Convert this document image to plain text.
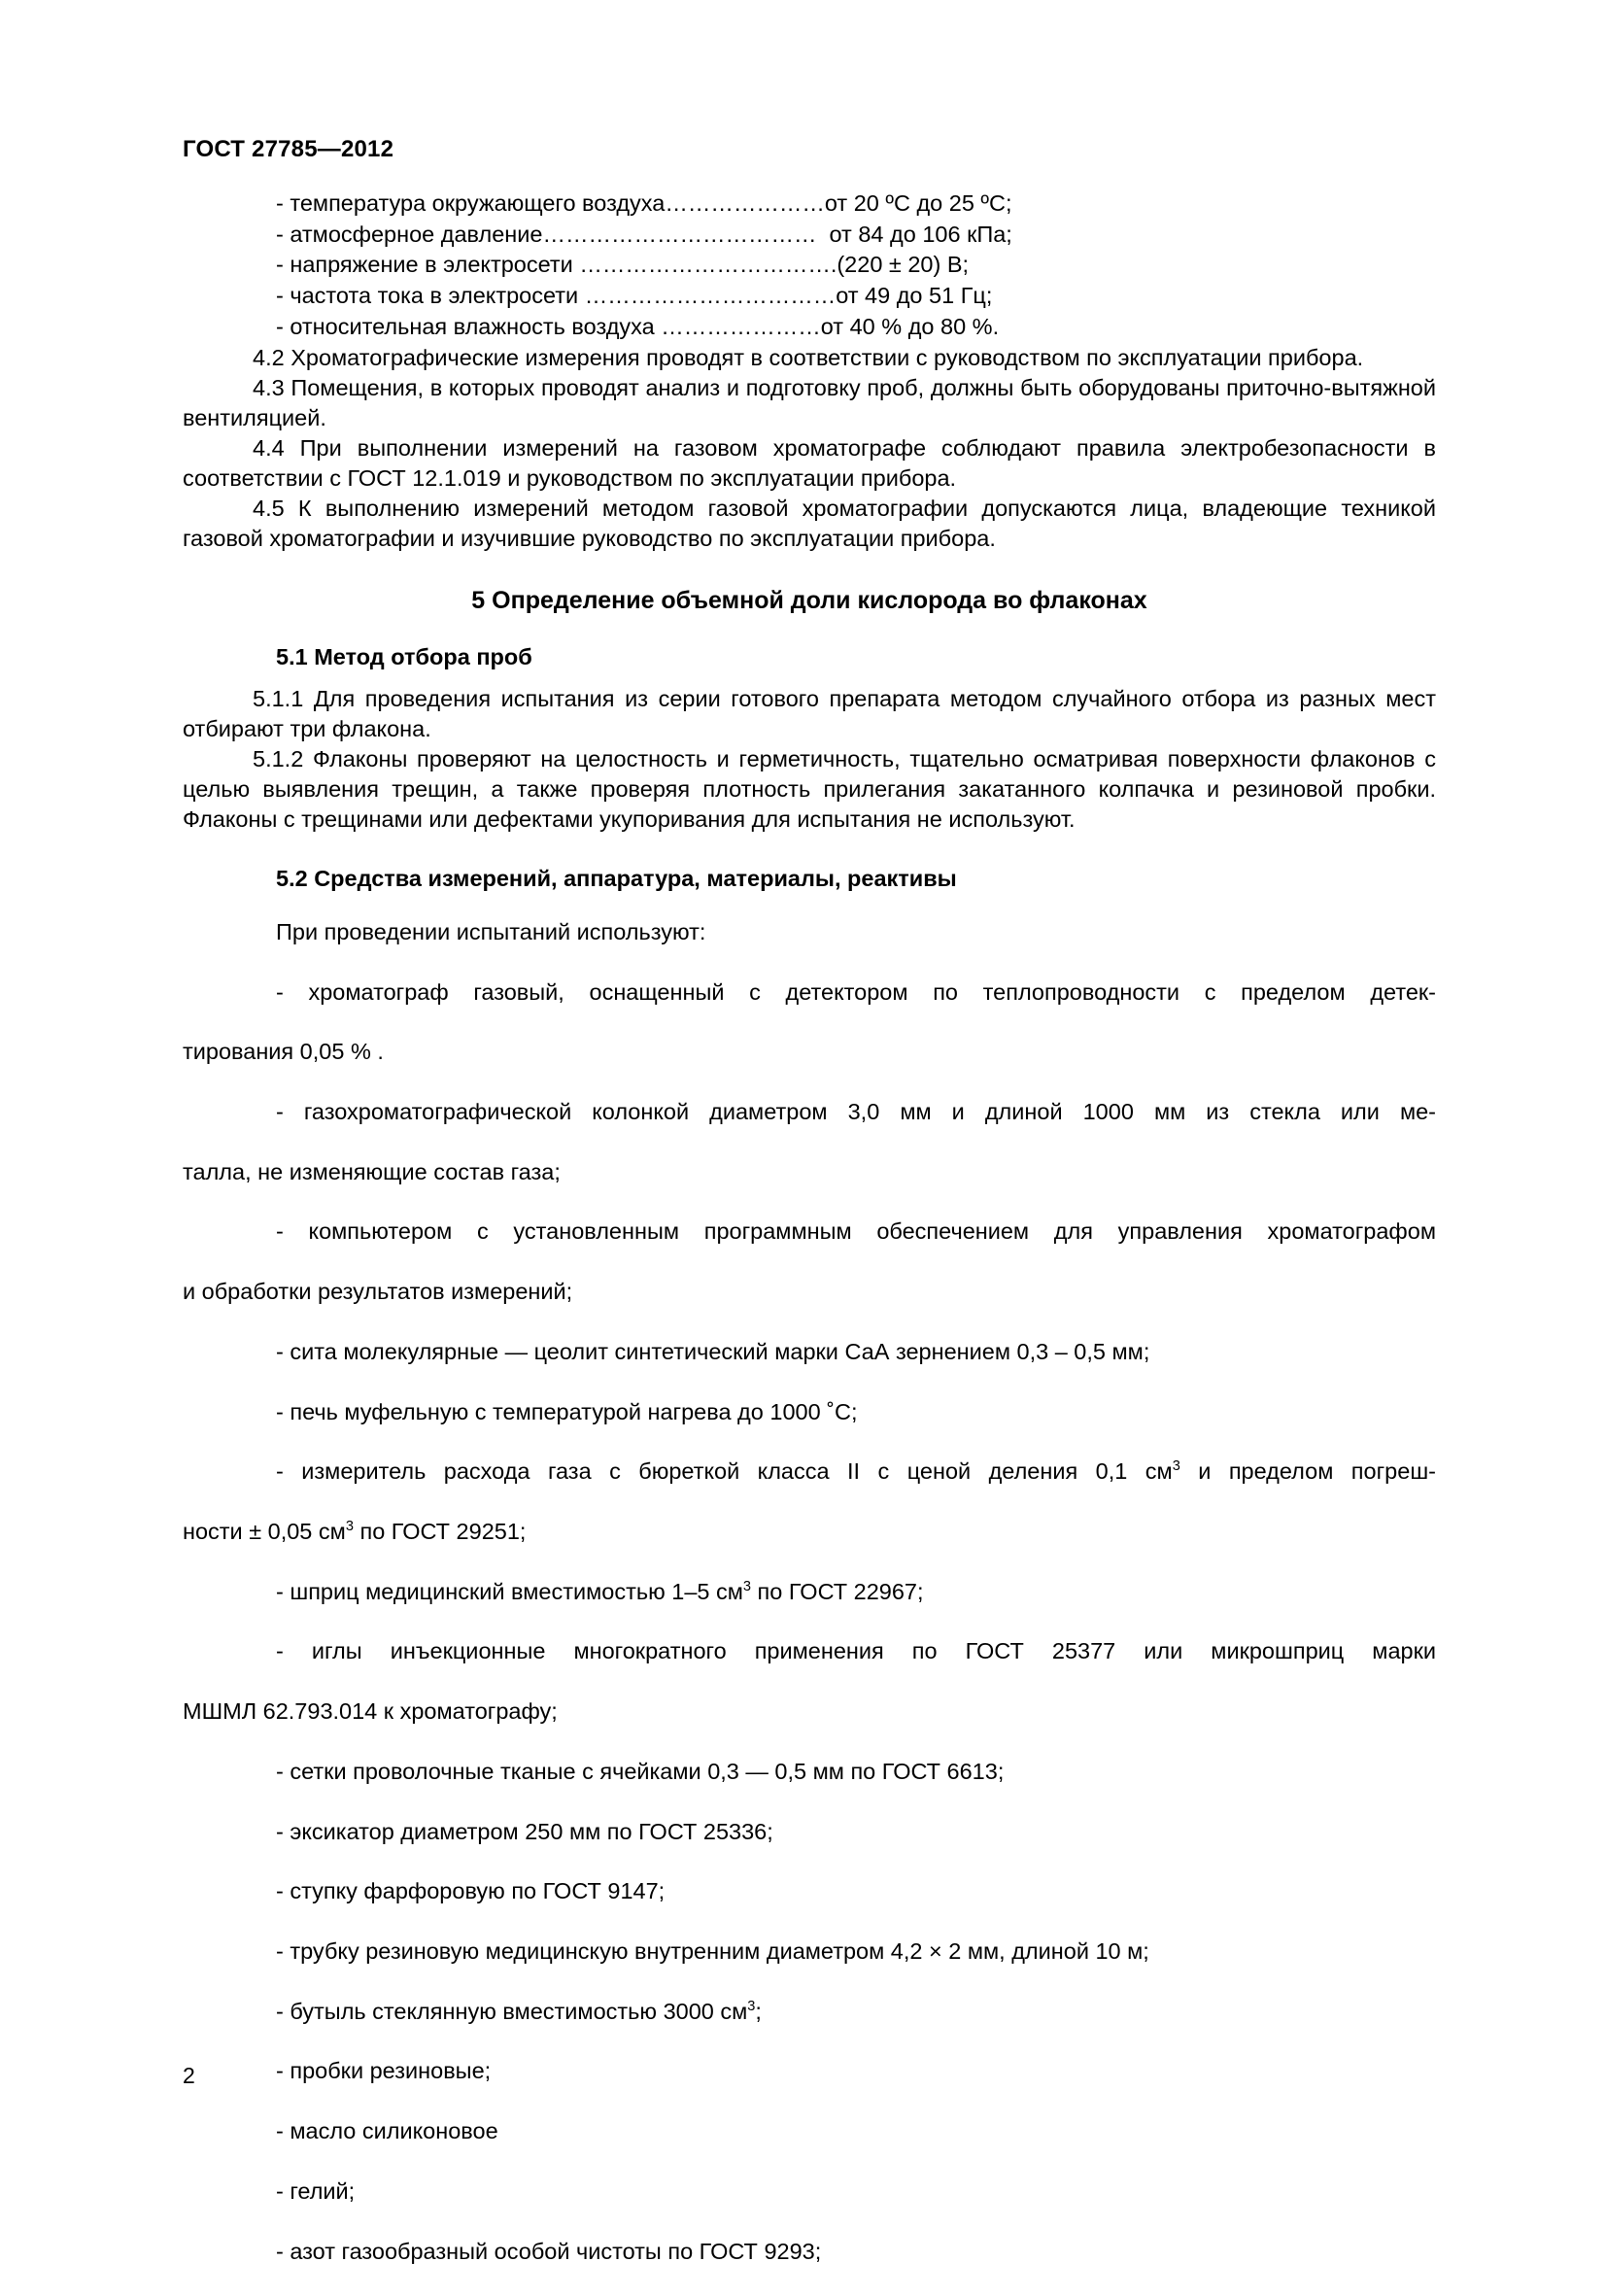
ГОСТ 27785—2012
- температура окружающего воздуха…………………от 20 ºС до 25 ºС;
- атмосферное давление………………………………  от 84 до 106 кПа;
- напряжение в электросети …………………………….(220 ± 20) В;
- частота тока в электросети ……………………………от 49 до 51 Гц;
- относительная влажность воздуха …………………от 40 % до 80 %.

4.2 Хроматографические измерения проводят в соответствии с руководством по эксплуатации прибора.

4.3 Помещения, в которых проводят анализ и подготовку проб, должны быть оборудованы приточно-вытяжной вентиляцией.

4.4 При выполнении измерений на газовом хроматографе соблюдают правила электробезопасности в соответствии с ГОСТ 12.1.019 и руководством по эксплуатации прибора.

4.5 К выполнению измерений методом газовой хроматографии допускаются лица, владеющие техникой газовой хроматографии и изучившие руководство по эксплуатации прибора.

5 Определение объемной доли кислорода во флаконах
5.1 Метод отбора проб

5.1.1 Для проведения испытания из серии готового препарата методом случайного отбора из разных мест отбирают три флакона.

5.1.2 Флаконы проверяют на целостность и герметичность, тщательно осматривая поверхности флаконов с целью выявления трещин, а также проверяя плотность прилегания закатанного колпачка и резиновой пробки. Флаконы с трещинами или дефектами укупоривания для испытания не используют.

5.2 Средства измерений, аппаратура, материалы, реактивы

При проведении испытаний используют:

- хроматограф газовый, оснащенный с детектором по теплопроводности с пределом детек-

тирования 0,05 % .

- газохроматографической колонкой диаметром 3,0 мм и длиной 1000 мм из стекла или ме-

талла, не изменяющие состав газа;

- компьютером с установленным программным обеспечением для управления хроматографом

и обработки результатов измерений;

- сита молекулярные — цеолит синтетический марки СаА зернением 0,3 – 0,5 мм;

- печь муфельную с температурой нагрева до 1000 ˚С;

- измеритель расхода газа с бюреткой класса II с ценой деления 0,1 $см^3$ и пределом погреш-

ности ± 0,05 $см^3$ по ГОСТ 29251;

- шприц медицинский вместимостью 1–5 $см^3$ по ГОСТ 22967;

- иглы инъекционные многократного применения по ГОСТ 25377 или микрошприц марки

МШМЛ 62.793.014 к хроматографу;

- сетки проволочные тканые с ячейками 0,3 — 0,5 мм по ГОСТ 6613;

- эксикатор диаметром 250 мм по ГОСТ 25336;

- ступку фарфоровую по ГОСТ 9147;

- трубку резиновую медицинскую внутренним диаметром 4,2 × 2 мм, длиной 10 м;

- бутыль стеклянную вместимостью 3000 $см^3$;

- пробки резиновые;

- масло силиконовое

- гелий;

- азот газообразный особой чистоты по ГОСТ 9293;

2
